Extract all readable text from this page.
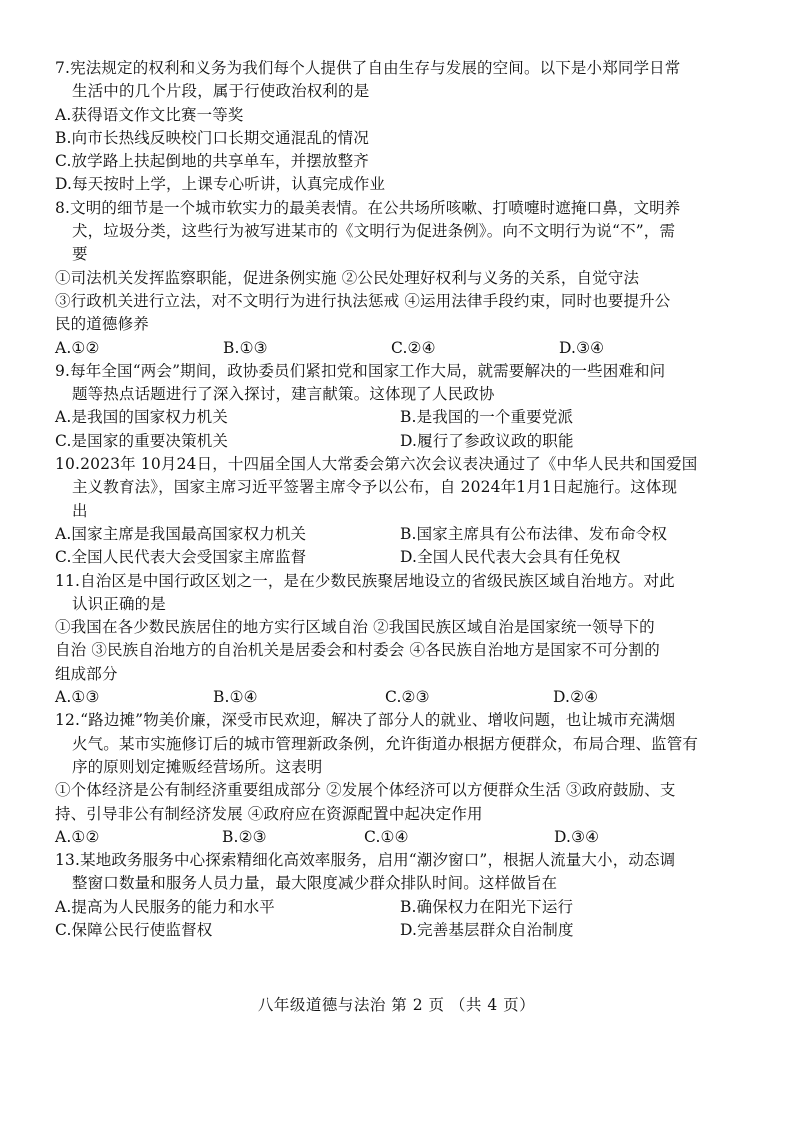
7.宪法规定的权利和义务为我们每个人提供了自由生存与发展的空间。以下是小郑同学日常
生活中的几个片段，属于行使政治权利的是
A.获得语文作文比赛一等奖
B.向市长热线反映校门口长期交通混乱的情况
C.放学路上扶起倒地的共享单车，并摆放整齐
D.每天按时上学，上课专心听讲，认真完成作业
8.文明的细节是一个城市软实力的最美表情。在公共场所咳嗽、打喷嚏时遮掩口鼻，文明养
犬，垃圾分类，这些行为被写进某市的《文明行为促进条例》。向不文明行为说“不”，需
要
①司法机关发挥监察职能，促进条例实施 ②公民处理好权利与义务的关系，自觉守法
③行政机关进行立法，对不文明行为进行执法惩戒 ④运用法律手段约束，同时也要提升公
民的道德修养
A.①②	B.①③	C.②④	D.③④
9.每年全国“两会”期间，政协委员们紧扣党和国家工作大局，就需要解决的一些困难和问
题等热点话题进行了深入探讨，建言献策。这体现了人民政协
A.是我国的国家权力机关	B.是我国的一个重要党派
C.是国家的重要决策机关	D.履行了参政议政的职能
10.2023年 10月24日，十四届全国人大常委会第六次会议表决通过了《中华人民共和国爱国
主义教育法》，国家主席习近平签署主席令予以公布，自 2024年1月1日起施行。这体现
出
A.国家主席是我国最高国家权力机关	B.国家主席具有公布法律、发布命令权
C.全国人民代表大会受国家主席监督	D.全国人民代表大会具有任免权
11.自治区是中国行政区划之一，是在少数民族聚居地设立的省级民族区域自治地方。对此
认识正确的是
①我国在各少数民族居住的地方实行区域自治 ②我国民族区域自治是国家统一领导下的
自治 ③民族自治地方的自治机关是居委会和村委会 ④各民族自治地方是国家不可分割的
组成部分
A.①③	B.①④	C.②③	D.②④
12.“路边摊”物美价廉，深受市民欢迎，解决了部分人的就业、增收问题，也让城市充满烟
火气。某市实施修订后的城市管理新政条例，允许街道办根据方便群众，布局合理、监管有
序的原则划定摊贩经营场所。这表明
①个体经济是公有制经济重要组成部分 ②发展个体经济可以方便群众生活 ③政府鼓励、支
持、引导非公有制经济发展 ④政府应在资源配置中起决定作用
A.①②	B.②③	C.①④	D.③④
13.某地政务服务中心探索精细化高效率服务，启用“潮汐窗口”，根据人流量大小，动态调
整窗口数量和服务人员力量，最大限度减少群众排队时间。这样做旨在
A.提高为人民服务的能力和水平	B.确保权力在阳光下运行
C.保障公民行使监督权	D.完善基层群众自治制度
八年级道德与法治 第 2 页 （共 4 页）
